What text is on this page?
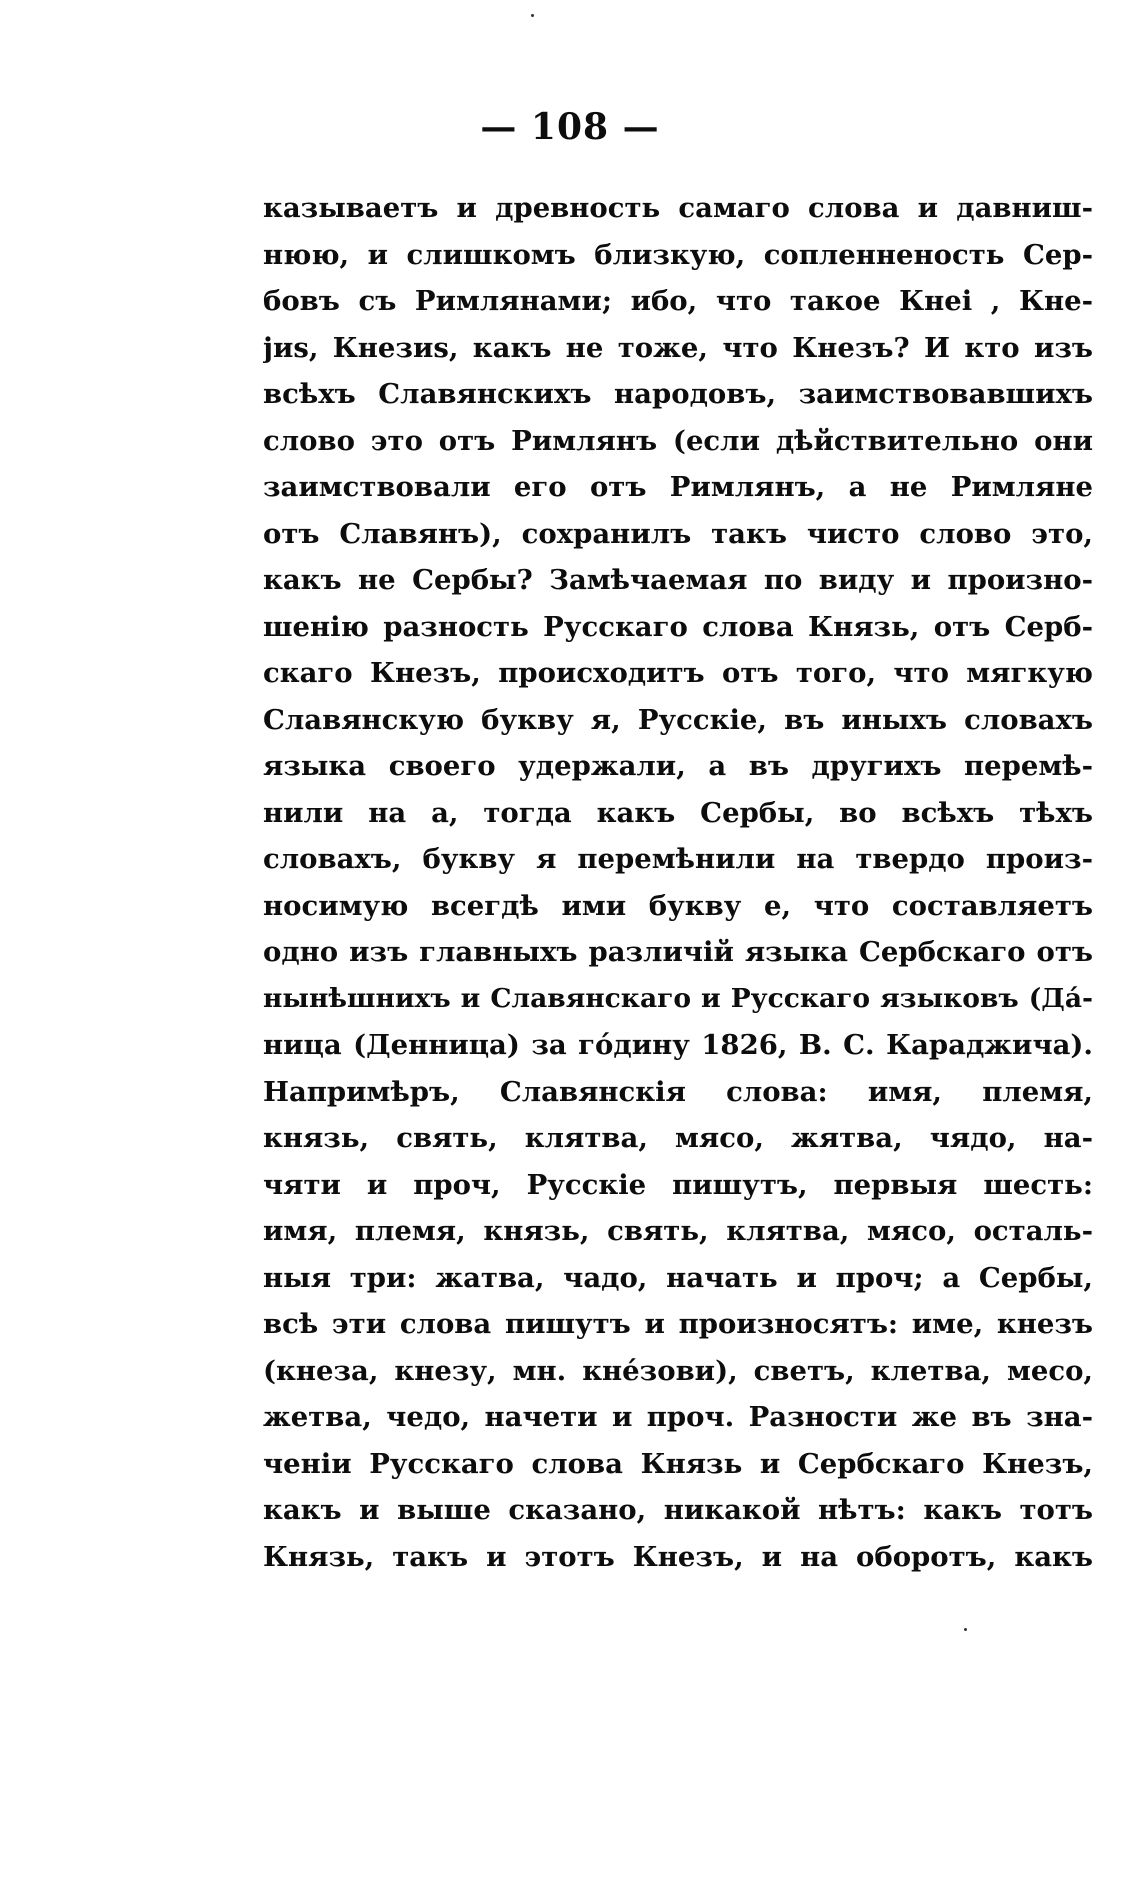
— 108 —
казываетъ и древность самаго слова и давниш-
нюю, и слишкомъ близкую, сопленненость Сер-
бовъ съ Римлянами; ибо, что такое Кнеі , Кне-
јиs, Кнезиs, какъ не тоже, что Кнезъ? И кто изъ
всѣхъ Славянскихъ народовъ, заимствовавшихъ
слово это отъ Римлянъ (если дѣйствительно они
заимствовали его отъ Римлянъ, а не Римляне
отъ Славянъ), сохранилъ такъ чисто слово это,
какъ не Сербы? Замѣчаемая по виду и произно-
шенію разность Русскаго слова Князь, отъ Серб-
скаго Кнезъ, происходитъ отъ того, что мягкую
Славянскую букву я, Русскіе, въ иныхъ словахъ
языка своего удержали, а въ другихъ перемѣ-
нили на а, тогда какъ Сербы, во всѣхъ тѣхъ
словахъ, букву я перемѣнили на твердо произ-
носимую всегдѣ ими букву е, что составляетъ
одно изъ главныхъ различій языка Сербскаго отъ
нынѣшнихъ и Славянскаго и Русскаго языковъ (Дá-
ница (Денница) за гóдину 1826, В. С. Караджича).
Напримѣръ, Славянскія слова: имя, племя,
князь, свять, клятва, мясо, жятва, чядо, на-
чяти и проч, Русскіе пишутъ, первыя шесть:
имя, племя, князь, свять, клятва, мясо, осталь-
ныя три: жатва, чадо, начать и проч; а Сербы,
всѣ эти слова пишутъ и произносятъ: име, кнезъ
(кнеза, кнезу, мн. кнéзови), светъ, клетва, месо,
жетва, чедо, начети и проч. Разности же въ зна-
ченіи Русскаго слова Князь и Сербскаго Кнезъ,
какъ и выше сказано, никакой нѣтъ: какъ тотъ
Князь, такъ и этотъ Кнезъ, и на оборотъ, какъ
